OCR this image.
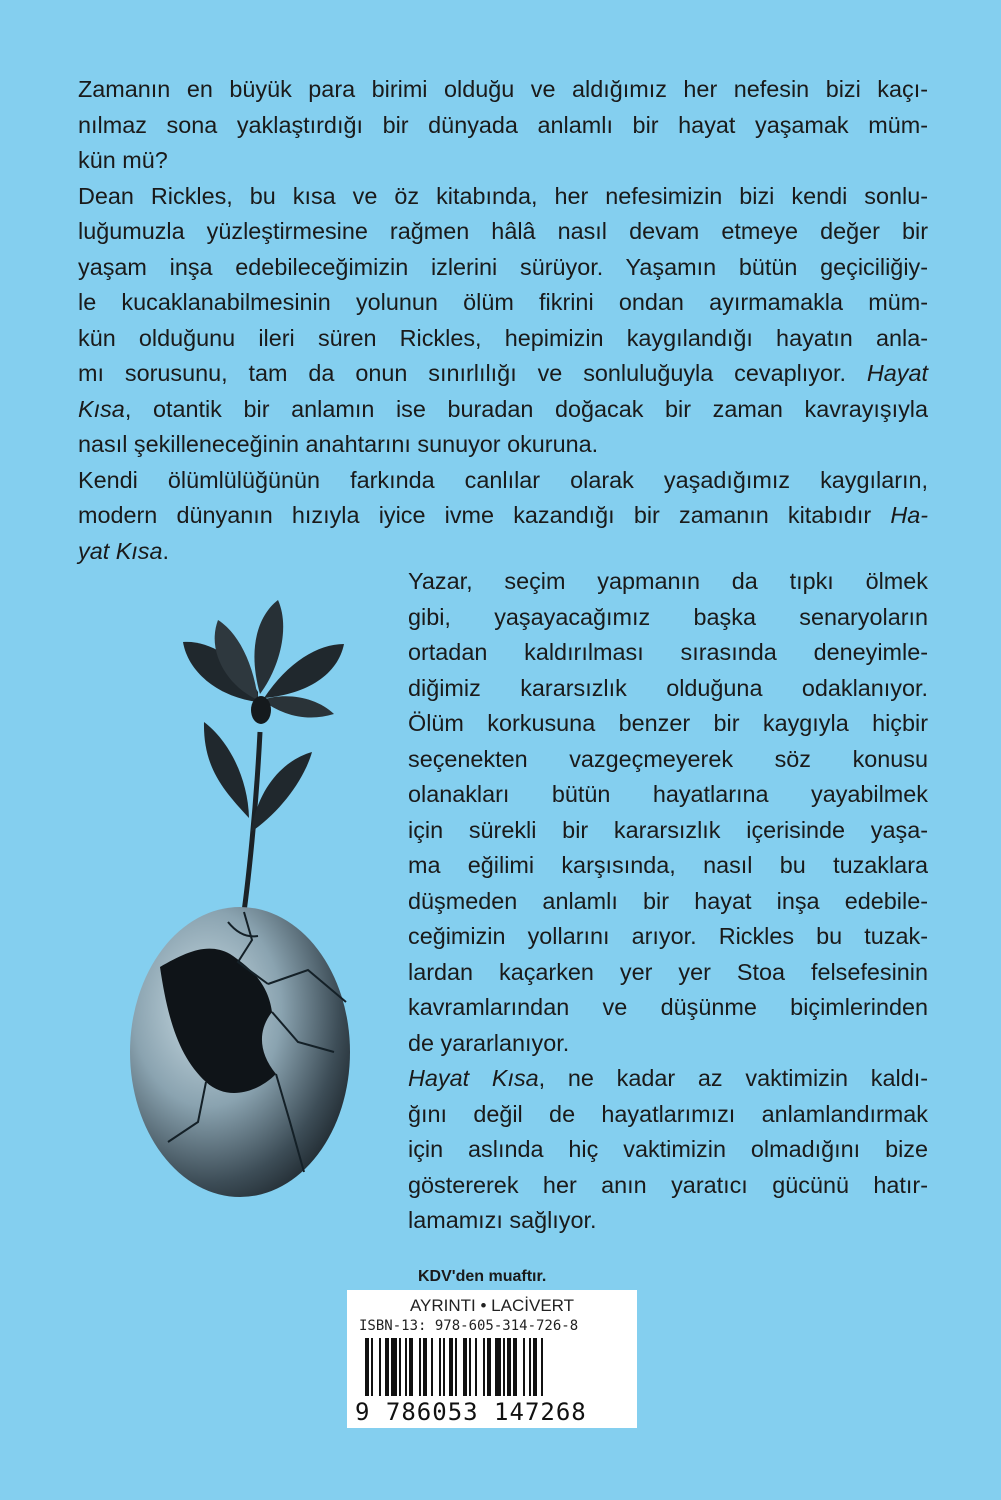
Zamanın en büyük para birimi olduğu ve aldığımız her nefesin bizi kaçı-
nılmaz sona yaklaştırdığı bir dünyada anlamlı bir hayat yaşamak müm-
kün mü?
Dean Rickles, bu kısa ve öz kitabında, her nefesimizin bizi kendi sonlu-
luğumuzla yüzleştirmesine rağmen hâlâ nasıl devam etmeye değer bir
yaşam inşa edebileceğimizin izlerini sürüyor. Yaşamın bütün geçiciliğiy-
le kucaklanabilmesinin yolunun ölüm fikrini ondan ayırmamakla müm-
kün olduğunu ileri süren Rickles, hepimizin kaygılandığı hayatın anla-
mı sorusunu, tam da onun sınırlılığı ve sonluluğuyla cevaplıyor. Hayat
Kısa, otantik bir anlamın ise buradan doğacak bir zaman kavrayışıyla
nasıl şekilleneceğinin anahtarını sunuyor okuruna.
Kendi ölümlülüğünün farkında canlılar olarak yaşadığımız kaygıların,
modern dünyanın hızıyla iyice ivme kazandığı bir zamanın kitabıdır Ha-
yat Kısa.
Yazar, seçim yapmanın da tıpkı ölmek
gibi, yaşayacağımız başka senaryoların
ortadan kaldırılması sırasında deneyimle-
diğimiz kararsızlık olduğuna odaklanıyor.
Ölüm korkusuna benzer bir kaygıyla hiçbir
seçenekten vazgeçmeyerek söz konusu
olanakları bütün hayatlarına yayabilmek
için sürekli bir kararsızlık içerisinde yaşa-
ma eğilimi karşısında, nasıl bu tuzaklara
düşmeden anlamlı bir hayat inşa edebile-
ceğimizin yollarını arıyor. Rickles bu tuzak-
lardan kaçarken yer yer Stoa felsefesinin
kavramlarından ve düşünme biçimlerinden
de yararlanıyor.
Hayat Kısa, ne kadar az vaktimizin kaldı-
ğını değil de hayatlarımızı anlamlandırmak
için aslında hiç vaktimizin olmadığını bize
göstererek her anın yaratıcı gücünü hatır-
lamamızı sağlıyor.
KDV'den muaftır.
AYRINTI • LACİVERT
ISBN-13: 978-605-314-726-8
9 786053 147268
